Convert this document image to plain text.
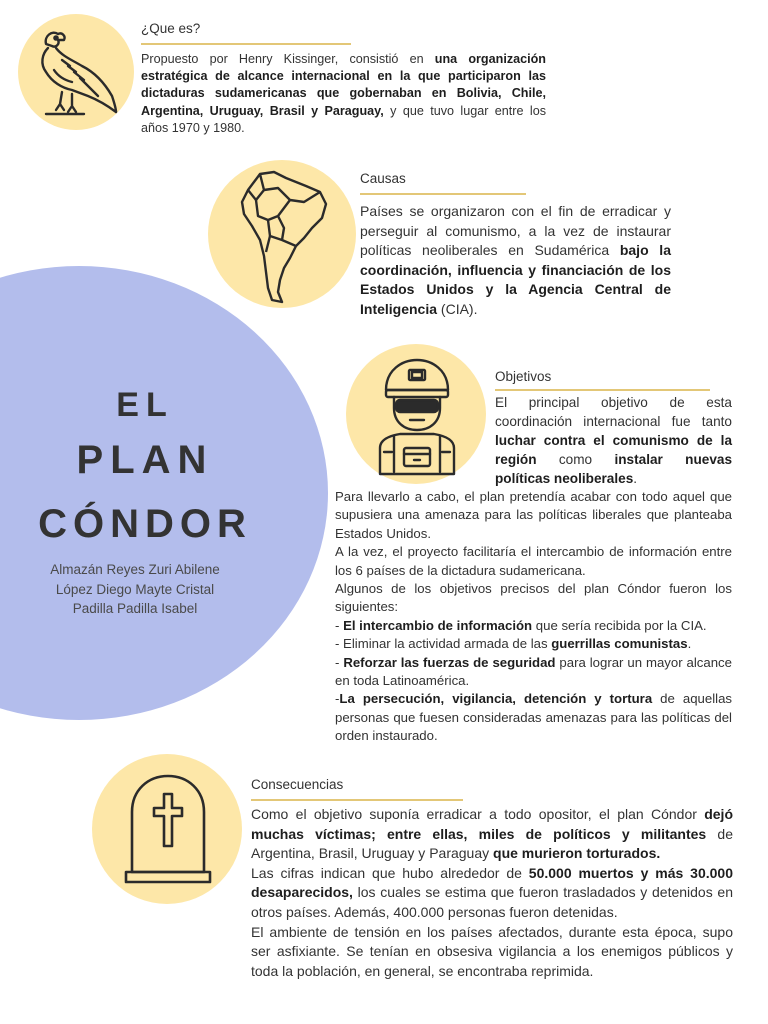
¿Que es?
Propuesto por Henry Kissinger, consistió en una organización estratégica de alcance internacional en la que participaron las dictaduras sudamericanas que gobernaban en Bolivia, Chile, Argentina, Uruguay, Brasil y Paraguay, y que tuvo lugar entre los años 1970 y 1980.
Causas
Países se organizaron con el fin de erradicar y perseguir al comunismo, a la vez de instaurar políticas neoliberales en Sudamérica bajo la coordinación, influencia y financiación de los Estados Unidos y la Agencia Central de Inteligencia (CIA).
EL
PLAN
CÓNDOR
Almazán Reyes Zuri Abilene
López Diego Mayte Cristal
Padilla Padilla Isabel
Objetivos
El principal objetivo de esta coordinación internacional fue tanto luchar contra el comunismo de la región como instalar nuevas políticas neoliberales.
Para llevarlo a cabo, el plan pretendía acabar con todo aquel que supusiera una amenaza para las políticas liberales que planteaba Estados Unidos.
A la vez, el proyecto facilitaría el intercambio de información entre los 6 países de la dictadura sudamericana.
Algunos de los objetivos precisos del plan Cóndor fueron los siguientes:
- El intercambio de información que sería recibida por la CIA.
- Eliminar la actividad armada de las guerrillas comunistas.
- Reforzar las fuerzas de seguridad para lograr un mayor alcance en toda Latinoamérica.
-La persecución, vigilancia, detención y tortura de aquellas personas que fuesen consideradas amenazas para las políticas del orden instaurado.
Consecuencias
Como el objetivo suponía erradicar a todo opositor, el plan Cóndor dejó muchas víctimas; entre ellas, miles de políticos y militantes de Argentina, Brasil, Uruguay y Paraguay que murieron torturados.
Las cifras indican que hubo alrededor de 50.000 muertos y más 30.000 desaparecidos, los cuales se estima que fueron trasladados y detenidos en otros países. Además, 400.000 personas fueron detenidas.
El ambiente de tensión en los países afectados, durante esta época, supo ser asfixiante. Se tenían en obsesiva vigilancia a los enemigos públicos y toda la población, en general, se encontraba reprimida.
